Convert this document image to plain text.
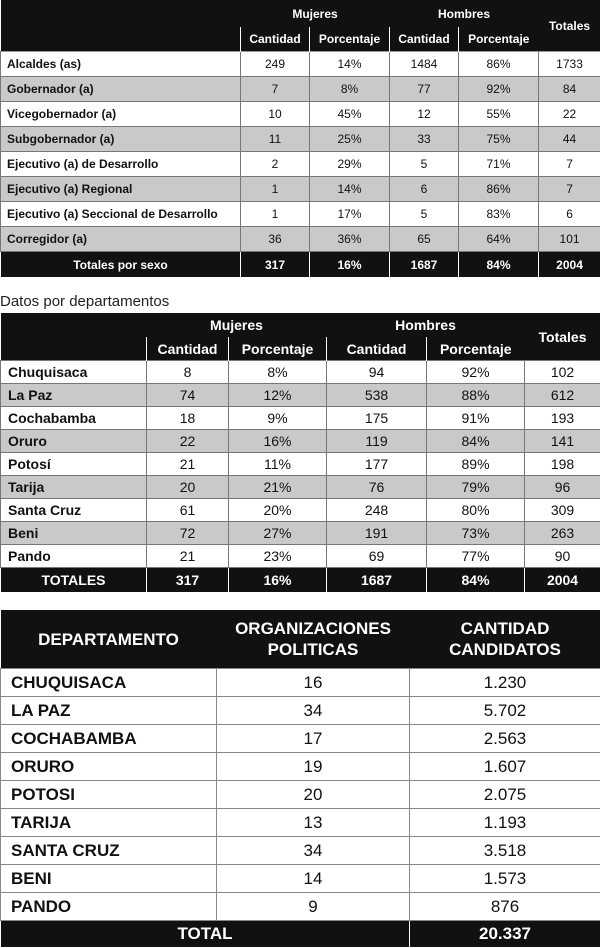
	Mujeres		Hombres		Totales
	Cantidad	Porcentaje	Cantidad	Porcentaje	
Alcaldes (as)	249	14%	1484	86%	1733
Gobernador (a)	7	8%	77	92%	84
Vicegobernador (a)	10	45%	12	55%	22
Subgobernador (a)	11	25%	33	75%	44
Ejecutivo (a) de Desarrollo	2	29%	5	71%	7
Ejecutivo (a) Regional	1	14%	6	86%	7
Ejecutivo (a) Seccional de Desarrollo	1	17%	5	83%	6
Corregidor (a)	36	36%	65	64%	101
Totales por sexo	317	16%	1687	84%	2004
Datos por departamentos
	Mujeres		Hombres		Totales
	Cantidad	Porcentaje	Cantidad	Porcentaje	
Chuquisaca	8	8%	94	92%	102
La Paz	74	12%	538	88%	612
Cochabamba	18	9%	175	91%	193
Oruro	22	16%	119	84%	141
Potosí	21	11%	177	89%	198
Tarija	20	21%	76	79%	96
Santa Cruz	61	20%	248	80%	309
Beni	72	27%	191	73%	263
Pando	21	23%	69	77%	90
TOTALES	317	16%	1687	84%	2004
DEPARTAMENTO	ORGANIZACIONES POLITICAS	CANTIDAD CANDIDATOS
CHUQUISACA	16	1.230
LA PAZ	34	5.702
COCHABAMBA	17	2.563
ORURO	19	1.607
POTOSI	20	2.075
TARIJA	13	1.193
SANTA CRUZ	34	3.518
BENI	14	1.573
PANDO	9	876
TOTAL		20.337
